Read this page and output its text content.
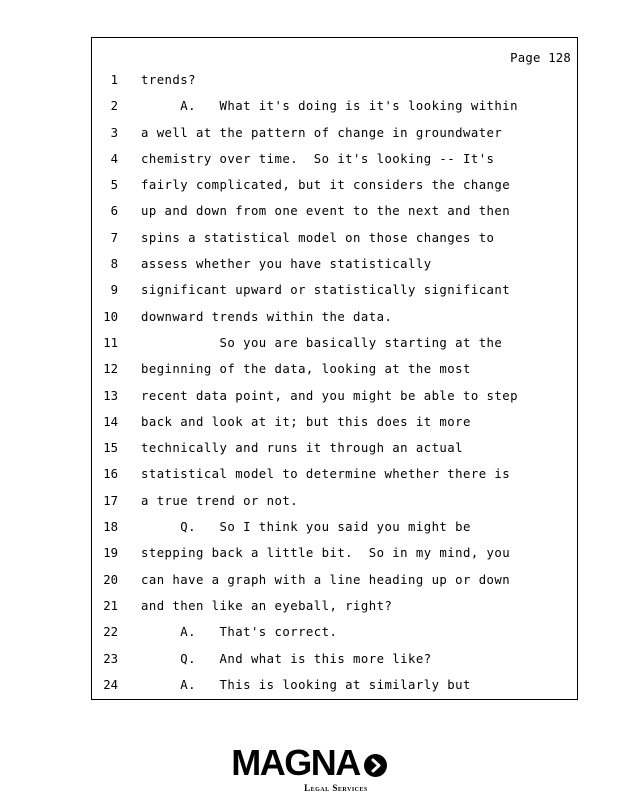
Page 128
1 trends?
2 A.   What it's doing is it's looking within
3 a well at the pattern of change in groundwater
4 chemistry over time.  So it's looking -- It's
5 fairly complicated, but it considers the change
6 up and down from one event to the next and then
7 spins a statistical model on those changes to
8 assess whether you have statistically
9 significant upward or statistically significant
10 downward trends within the data.
11 So you are basically starting at the
12 beginning of the data, looking at the most
13 recent data point, and you might be able to step
14 back and look at it; but this does it more
15 technically and runs it through an actual
16 statistical model to determine whether there is
17 a true trend or not.
18 Q.   So I think you said you might be
19 stepping back a little bit.  So in my mind, you
20 can have a graph with a line heading up or down
21 and then like an eyeball, right?
22 A.   That's correct.
23 Q.   And what is this more like?
24 A.   This is looking at similarly but
MAGNA
Legal Services
